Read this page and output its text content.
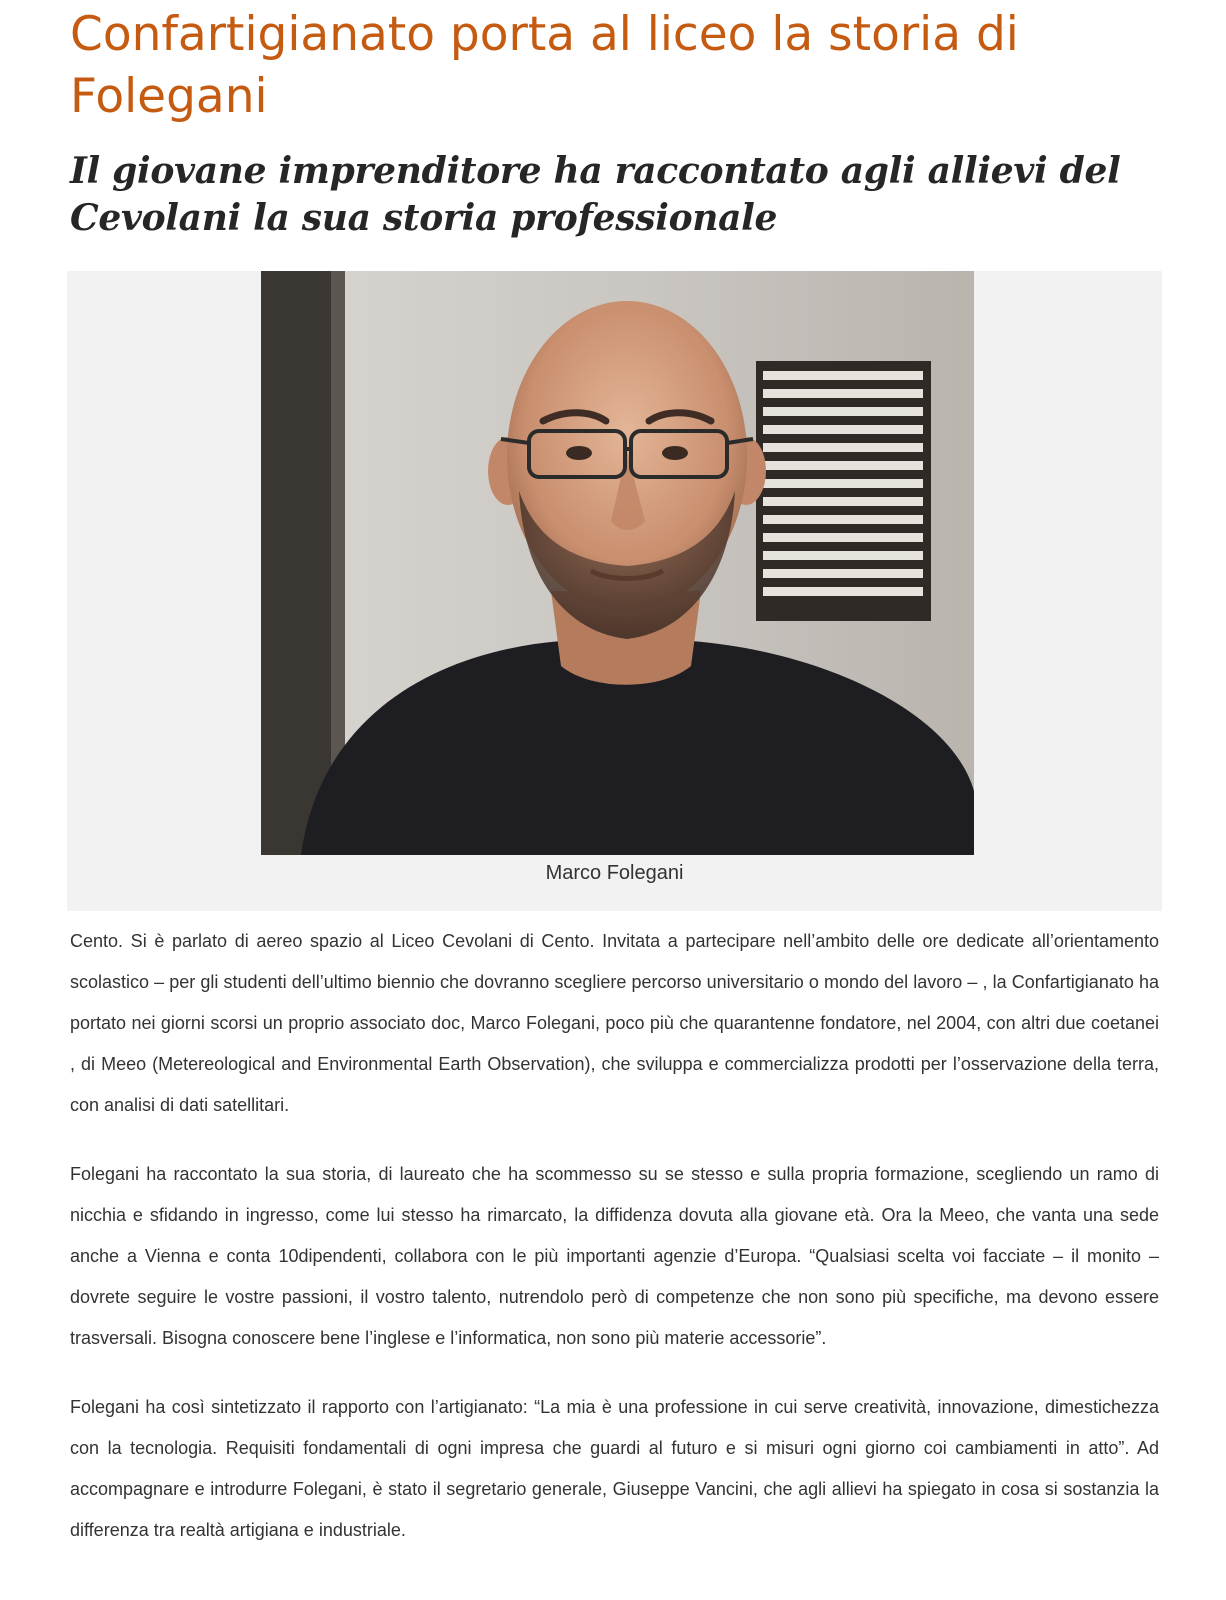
Confartigianato porta al liceo la storia di Folegani
Il giovane imprenditore ha raccontato agli allievi del Cevolani la sua storia professionale
Marco Folegani

Cento. Si è parlato di aereo spazio al Liceo Cevolani di Cento. Invitata a partecipare nell’ambito delle ore dedicate all’orientamento scolastico – per gli studenti dell’ultimo biennio che dovranno scegliere percorso universitario o mondo del lavoro – , la Confartigianato ha portato nei giorni scorsi un proprio associato doc, Marco Folegani, poco più che quarantenne fondatore, nel 2004, con altri due coetanei , di Meeo (Metereological and Environmental Earth Observation), che sviluppa e commercializza prodotti per l’osservazione della terra, con analisi di dati satellitari.

Folegani ha raccontato la sua storia, di laureato che ha scommesso su se stesso e sulla propria formazione, scegliendo un ramo di nicchia e sfidando in ingresso, come lui stesso ha rimarcato, la diffidenza dovuta alla giovane età. Ora la Meeo, che vanta una sede anche a Vienna e conta 10dipendenti, collabora con le più importanti agenzie d’Europa. “Qualsiasi scelta voi facciate – il monito – dovrete seguire le vostre passioni, il vostro talento, nutrendolo però di competenze che non sono più specifiche, ma devono essere trasversali. Bisogna conoscere bene l’inglese e l’informatica, non sono più materie accessorie”.

Folegani ha così sintetizzato il rapporto con l’artigianato: “La mia è una professione in cui serve creatività, innovazione, dimestichezza con la tecnologia. Requisiti fondamentali di ogni impresa che guardi al futuro e si misuri ogni giorno coi cambiamenti in atto”. Ad accompagnare e introdurre Folegani, è stato il segretario generale, Giuseppe Vancini, che agli allievi ha spiegato in cosa si sostanzia la differenza tra realtà artigiana e industriale.
